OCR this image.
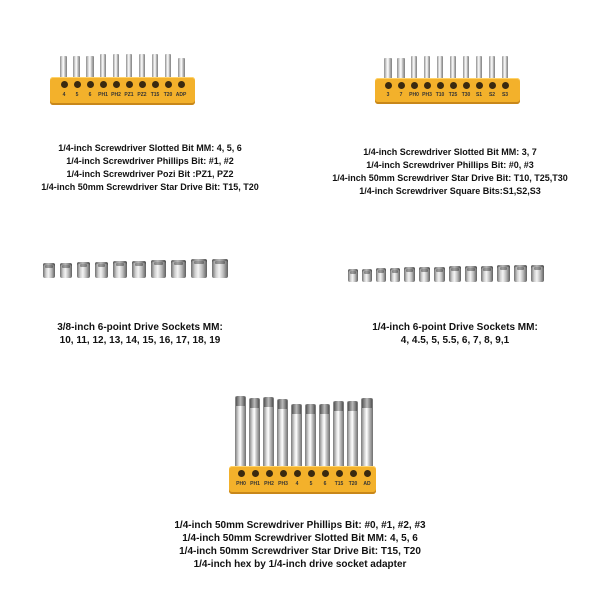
4	5	6	PH1 PH2 PZ1 PZ2 T15 T20 ADP
1/4-inch Screwdriver Slotted Bit MM: 4, 5, 6
1/4-inch Screwdriver Phillips Bit: #1, #2
1/4-inch Screwdriver Pozi Bit :PZ1, PZ2
1/4-inch 50mm Screwdriver Star Drive Bit: T15, T20
3	7	PH0 PH3 T10 T25 T30	S1	S2	S3
1/4-inch Screwdriver Slotted Bit MM: 3, 7
1/4-inch Screwdriver Phillips Bit: #0, #3
1/4-inch 50mm Screwdriver Star Drive Bit: T10, T25,T30
1/4-inch Screwdriver Square Bits:S1,S2,S3
3/8-inch 6-point Drive Sockets MM:
10, 11, 12, 13, 14, 15, 16, 17, 18, 19
1/4-inch 6-point Drive Sockets MM:
4, 4.5, 5, 5.5, 6, 7, 8, 9,1
PH0 PH1 PH2 PH3	4	5	6	T15	T20	AD
1/4-inch 50mm Screwdriver Phillips Bit: #0, #1, #2, #3
1/4-inch 50mm Screwdriver Slotted Bit MM: 4, 5, 6
1/4-inch 50mm Screwdriver Star Drive Bit: T15, T20
1/4-inch hex by 1/4-inch drive socket adapter
